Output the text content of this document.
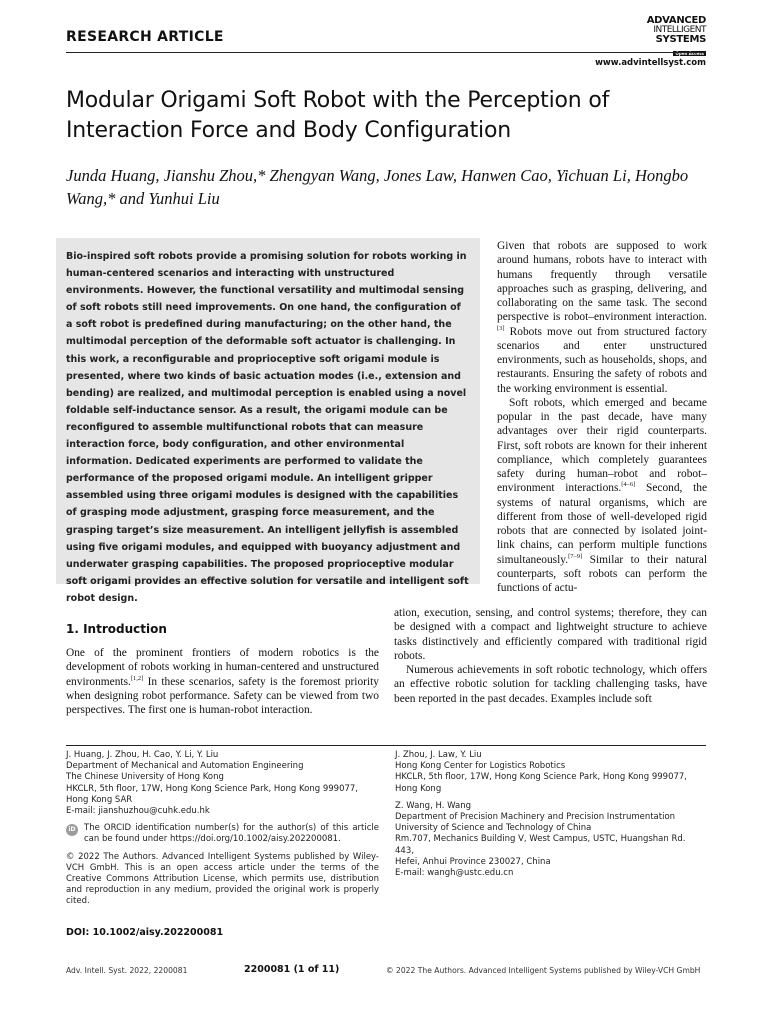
RESEARCH ARTICLE
ADVANCED
INTELLIGENT
SYSTEMS
Open Access
www.advintellsyst.com
Modular Origami Soft Robot with the Perception of Interaction Force and Body Configuration
Junda Huang, Jianshu Zhou,* Zhengyan Wang, Jones Law, Hanwen Cao, Yichuan Li, Hongbo Wang,* and Yunhui Liu

Bio-inspired soft robots provide a promising solution for robots working in human-centered scenarios and interacting with unstructured environments. However, the functional versatility and multimodal sensing of soft robots still need improvements. On one hand, the configuration of a soft robot is predefined during manufacturing; on the other hand, the multimodal perception of the deformable soft actuator is challenging. In this work, a reconfigurable and proprioceptive soft origami module is presented, where two kinds of basic actuation modes (i.e., extension and bending) are realized, and multimodal perception is enabled using a novel foldable self-inductance sensor. As a result, the origami module can be reconfigured to assemble multifunctional robots that can measure interaction force, body configuration, and other environmental information. Dedicated experiments are performed to validate the performance of the proposed origami module. An intelligent gripper assembled using three origami modules is designed with the capabilities of grasping mode adjustment, grasping force measurement, and the grasping target’s size measurement. An intelligent jellyfish is assembled using five origami modules, and equipped with buoyancy adjustment and underwater grasping capabilities. The proposed proprioceptive modular soft origami provides an effective solution for versatile and intelligent soft robot design.

Given that robots are supposed to work around humans, robots have to interact with humans frequently through versatile approaches such as grasping, delivering, and collaborating on the same task. The second perspective is robot–environment interaction.[3] Robots move out from structured factory scenarios and enter unstructured environments, such as households, shops, and restaurants. Ensuring the safety of robots and the working environment is essential.

Soft robots, which emerged and became popular in the past decade, have many advantages over their rigid counterparts. First, soft robots are known for their inherent compliance, which completely guarantees safety during human–robot and robot–environment interactions.[4–6] Second, the systems of natural organisms, which are different from those of well-developed rigid robots that are connected by isolated joint-link chains, can perform multiple functions simultaneously.[7–9] Similar to their natural counterparts, soft robots can perform the functions of actu-

ation, execution, sensing, and control systems; therefore, they can be designed with a compact and lightweight structure to achieve tasks distinctively and efficiently compared with traditional rigid robots.

Numerous achievements in soft robotic technology, which offers an effective robotic solution for tackling challenging tasks, have been reported in the past decades. Examples include soft

1. Introduction

One of the prominent frontiers of modern robotics is the development of robots working in human-centered and unstructured environments.[1,2] In these scenarios, safety is the foremost priority when designing robot performance. Safety can be viewed from two perspectives. The first one is human-robot interaction.

J. Huang, J. Zhou, H. Cao, Y. Li, Y. Liu
Department of Mechanical and Automation Engineering
The Chinese University of Hong Kong
HKCLR, 5th floor, 17W, Hong Kong Science Park, Hong Kong 999077,
Hong Kong SAR
E-mail: jianshuzhou@cuhk.edu.hk
iD The ORCID identification number(s) for the author(s) of this article can be found under https://doi.org/10.1002/aisy.202200081.
© 2022 The Authors. Advanced Intelligent Systems published by Wiley-VCH GmbH. This is an open access article under the terms of the Creative Commons Attribution License, which permits use, distribution and reproduction in any medium, provided the original work is properly cited.
DOI: 10.1002/aisy.202200081
J. Zhou, J. Law, Y. Liu
Hong Kong Center for Logistics Robotics
HKCLR, 5th floor, 17W, Hong Kong Science Park, Hong Kong 999077,
Hong Kong
Z. Wang, H. Wang
Department of Precision Machinery and Precision Instrumentation
University of Science and Technology of China
Rm.707, Mechanics Building V, West Campus, USTC, Huangshan Rd. 443,
Hefei, Anhui Province 230027, China
E-mail: wangh@ustc.edu.cn
Adv. Intell. Syst. 2022, 2200081	2200081 (1 of 11)	© 2022 The Authors. Advanced Intelligent Systems published by Wiley-VCH GmbH
